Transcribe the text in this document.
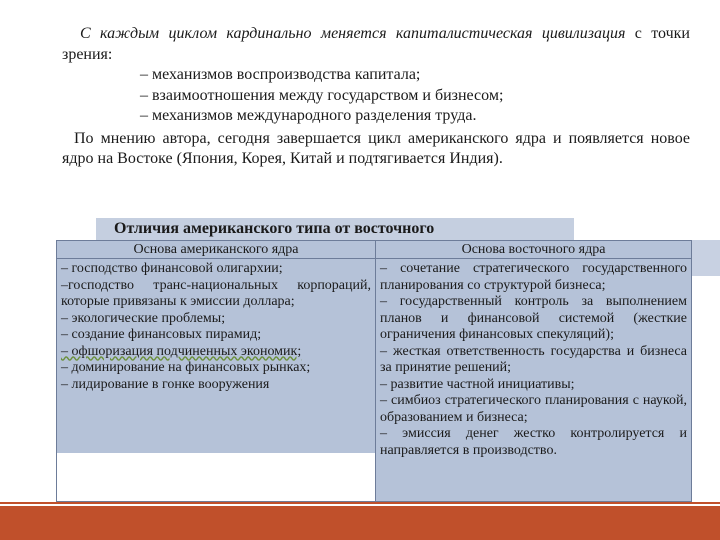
С каждым циклом кардинально меняется капиталистическая цивилизация с точки зрения:

– механизмов воспроизводства капитала;

– взаимоотношения между государством и бизнесом;

– механизмов международного разделения труда.

По мнению автора, сегодня завершается цикл американского ядра и появляется новое ядро на Востоке (Япония, Корея, Китай и подтягивается Индия).

Отличия американского типа от восточного
Основа американского ядра
– господство финансовой олигархии;
–господство транс-национальных корпораций, которые привязаны к эмиссии доллара;
– экологические проблемы;
– создание финансовых пирамид;
– офшоризация подчиненных экономик;
– доминирование на финансовых рынках;
– лидирование в гонке вооружения
Основа восточного ядра
– сочетание стратегического государственного планирования со структурой бизнеса;
– государственный контроль за выполнением планов и финансовой системой (жесткие ограничения финансовых спекуляций);
– жесткая ответственность государства и бизнеса за принятие решений;
– развитие частной инициативы;
– симбиоз стратегического планирования с наукой, образованием и бизнеса;
– эмиссия денег жестко контролируется и направляется в производство.
